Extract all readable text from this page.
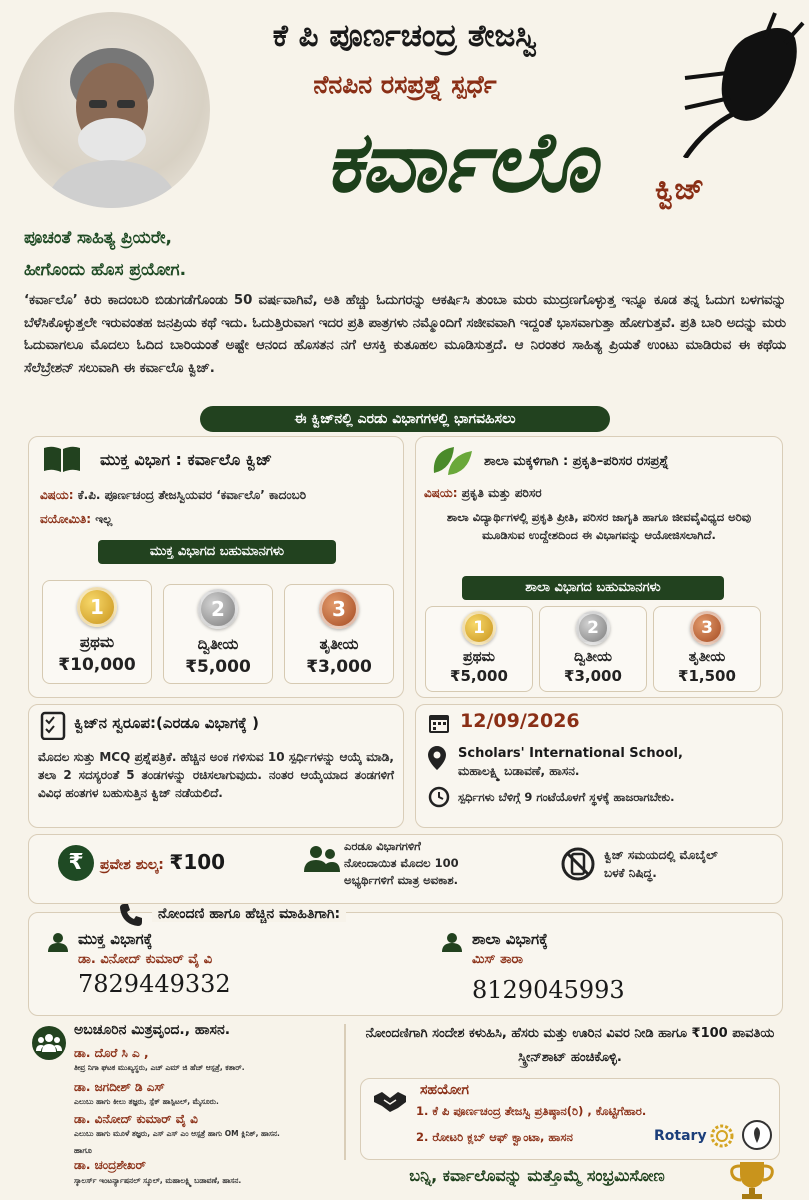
ಕೆ ಪಿ ಪೂರ್ಣಚಂದ್ರ ತೇಜಸ್ವಿ
ನೆನಪಿನ ರಸಪ್ರಶ್ನೆ ಸ್ಪರ್ಧೆ
ಕರ್ವಾಲೊ	ಕ್ವಿಜ್
ಪೂಚಂತೆ ಸಾಹಿತ್ಯ ಪ್ರಿಯರೇ,
ಹೀಗೊಂದು ಹೊಸ ಪ್ರಯೋಗ.
‘ಕರ್ವಾಲೊ’ ಕಿರು ಕಾದಂಬರಿ ಬಿಡುಗಡೆಗೊಂಡು 50 ವರ್ಷವಾಗಿವೆ, ಅತಿ ಹೆಚ್ಚು ಓದುಗರನ್ನು ಆಕರ್ಷಿಸಿ ತುಂಬಾ ಮರು ಮುದ್ರಣಗೊಳ್ಳುತ್ತ ಇನ್ನೂ ಕೂಡ ತನ್ನ ಓದುಗ ಬಳಗವನ್ನು ಬೆಳೆಸಿಕೊಳ್ಳುತ್ತಲೇ ಇರುವಂತಹ ಜನಪ್ರಿಯ ಕಥೆ ಇದು. ಓದುತ್ತಿರುವಾಗ ಇದರ ಪ್ರತಿ ಪಾತ್ರಗಳು ನಮ್ಮೊಂದಿಗೆ ಸಜೀವವಾಗಿ ಇದ್ದಂತೆ ಭಾಸವಾಗುತ್ತಾ ಹೋಗುತ್ತವೆ. ಪ್ರತಿ ಬಾರಿ ಅದನ್ನು ಮರು ಓದುವಾಗಲೂ ಮೊದಲು ಓದಿದ ಬಾರಿಯಂತೆ ಅಷ್ಟೇ ಆನಂದ ಹೊಸತನ ನಗೆ ಆಸಕ್ತಿ ಕುತೂಹಲ ಮೂಡಿಸುತ್ತದೆ. ಆ ನಿರಂತರ ಸಾಹಿತ್ಯ ಪ್ರಿಯತೆ ಉಂಟು ಮಾಡಿರುವ ಈ ಕಥೆಯ ಸೆಲೆಬ್ರೇಶನ್ ಸಲುವಾಗಿ ಈ ಕರ್ವಾಲೊ ಕ್ವಿಜ್.
ಈ ಕ್ವಿಜ್‌ನಲ್ಲಿ ಎರಡು ವಿಭಾಗಗಳಲ್ಲಿ ಭಾಗವಹಿಸಲು
ಮುಕ್ತ ವಿಭಾಗ : ಕರ್ವಾಲೊ ಕ್ವಿಜ್
ವಿಷಯ: ಕೆ.ಪಿ. ಪೂರ್ಣಚಂದ್ರ ತೇಜಸ್ವಿಯವರ ‘ಕರ್ವಾಲೊ’ ಕಾದಂಬರಿ
ವಯೋಮಿತಿ: ಇಲ್ಲ
ಮುಕ್ತ ವಿಭಾಗದ ಬಹುಮಾನಗಳು
1
ಪ್ರಥಮ
₹10,000
2
ದ್ವಿತೀಯ
₹5,000
3
ತೃತೀಯ
₹3,000
ಶಾಲಾ ಮಕ್ಕಳಿಗಾಗಿ : ಪ್ರಕೃತಿ–ಪರಿಸರ ರಸಪ್ರಶ್ನೆ
ವಿಷಯ: ಪ್ರಕೃತಿ ಮತ್ತು ಪರಿಸರ
ಶಾಲಾ ವಿದ್ಯಾರ್ಥಿಗಳಲ್ಲಿ ಪ್ರಕೃತಿ ಪ್ರೀತಿ, ಪರಿಸರ ಜಾಗೃತಿ ಹಾಗೂ ಜೀವವೈವಿಧ್ಯದ ಅರಿವು ಮೂಡಿಸುವ ಉದ್ದೇಶದಿಂದ ಈ ವಿಭಾಗವನ್ನು ಆಯೋಜಿಸಲಾಗಿದೆ.
ಶಾಲಾ ವಿಭಾಗದ ಬಹುಮಾನಗಳು
1
ಪ್ರಥಮ
₹5,000
2
ದ್ವಿತೀಯ
₹3,000
3
ತೃತೀಯ
₹1,500
ಕ್ವಿಜ್‌ನ ಸ್ವರೂಪ:(ಎರಡೂ ವಿಭಾಗಕ್ಕೆ )
ಮೊದಲ ಸುತ್ತು MCQ ಪ್ರಶ್ನೆಪತ್ರಿಕೆ. ಹೆಚ್ಚಿನ ಅಂಕ ಗಳಿಸುವ 10 ಸ್ಪರ್ಧಿಗಳನ್ನು ಆಯ್ಕೆ ಮಾಡಿ, ತಲಾ 2 ಸದಸ್ಯರಂತೆ 5 ತಂಡಗಳನ್ನು ರಚಿಸಲಾಗುವುದು. ನಂತರ ಆಯ್ಕೆಯಾದ ತಂಡಗಳಿಗೆ ವಿವಿಧ ಹಂತಗಳ ಬಹುಸುತ್ತಿನ ಕ್ವಿಜ್ ನಡೆಯಲಿದೆ.
12/09/2026
Scholars' International School,
ಮಹಾಲಕ್ಷ್ಮಿ ಬಡಾವಣೆ, ಹಾಸನ.
ಸ್ಪರ್ಧಿಗಳು ಬೆಳಿಗ್ಗೆ 9 ಗಂಟೆಯೊಳಗೆ ಸ್ಥಳಕ್ಕೆ ಹಾಜರಾಗಬೇಕು.
₹	ಪ್ರವೇಶ ಶುಲ್ಕ: ₹100
ಎರಡೂ ವಿಭಾಗಗಳಿಗೆ
ನೋಂದಾಯಿತ ಮೊದಲ 100
ಅಭ್ಯರ್ಥಿಗಳಿಗೆ ಮಾತ್ರ ಅವಕಾಶ.
ಕ್ವಿಜ್ ಸಮಯದಲ್ಲಿ ಮೊಬೈಲ್
ಬಳಕೆ ನಿಷಿದ್ಧ.
ನೋಂದಣಿ ಹಾಗೂ ಹೆಚ್ಚಿನ ಮಾಹಿತಿಗಾಗಿ:
ಮುಕ್ತ ವಿಭಾಗಕ್ಕೆ
ಡಾ. ವಿನೋದ್ ಕುಮಾರ್ ವೈ ವಿ
7829449332
ಶಾಲಾ ವಿಭಾಗಕ್ಕೆ
ಮಿಸ್ ತಾರಾ
8129045993
ಅಬಚೂರಿನ ಮಿತ್ರವೃಂದ., ಹಾಸನ.
ಡಾ. ದೊರೆ ಸಿ ಎ ,
ತೀವ್ರ ನಿಗಾ ಘಟಕ ಮುಖ್ಯಸ್ಥರು, ಎಚ್ ಎಮ್ ಜಿ ಹೆಚ್ ಆಸ್ಪತ್ರೆ, ಕತಾರ್.
ಡಾ. ಜಗದೀಶ್ ಡಿ ಎಸ್
ಎಲುಬು ಹಾಗು ಕೀಲು ತಜ್ಞರು, ಸ್ಪೆಕ್ ಹಾಸ್ಪಿಟಲ್, ಮೈಸೂರು.
ಡಾ. ವಿನೋದ್ ಕುಮಾರ್ ವೈ ವಿ
ಎಲುಬು ಹಾಗು ಮೂಳೆ ತಜ್ಞರು, ಎಸ್ ಎಸ್ ಎಂ ಆಸ್ಪತ್ರೆ ಹಾಗು OM ಕ್ಲಿನಿಕ್, ಹಾಸನ.
ಹಾಗೂ
ಡಾ. ಚಂದ್ರಶೇಖರ್
ಸ್ಕಾಲರ್ಸ್ ಇಂಟರ್ನ್ಯಾಷನಲ್ ಸ್ಕೂಲ್, ಮಹಾಲಕ್ಷ್ಮಿ ಬಡಾವಣೆ, ಹಾಸನ.
ನೋಂದಣಿಗಾಗಿ ಸಂದೇಶ ಕಳುಹಿಸಿ, ಹೆಸರು ಮತ್ತು ಊರಿನ ವಿವರ ನೀಡಿ ಹಾಗೂ ₹100 ಪಾವತಿಯ ಸ್ಕ್ರೀನ್‌ಶಾಟ್ ಹಂಚಿಕೊಳ್ಳಿ.
ಸಹಯೋಗ
1. ಕೆ ಪಿ ಪೂರ್ಣಚಂದ್ರ ತೇಜಸ್ವಿ ಪ್ರತಿಷ್ಠಾನ(ರಿ) , ಕೊಟ್ಟಿಗೆಹಾರ.
2. ರೋಟರಿ ಕ್ಲಬ್ ಆಫ್ ಕ್ವಾಂಟಾ, ಹಾಸನ	Rotary
ಬನ್ನಿ, ಕರ್ವಾಲೊವನ್ನು ಮತ್ತೊಮ್ಮೆ ಸಂಭ್ರಮಿಸೋಣ
